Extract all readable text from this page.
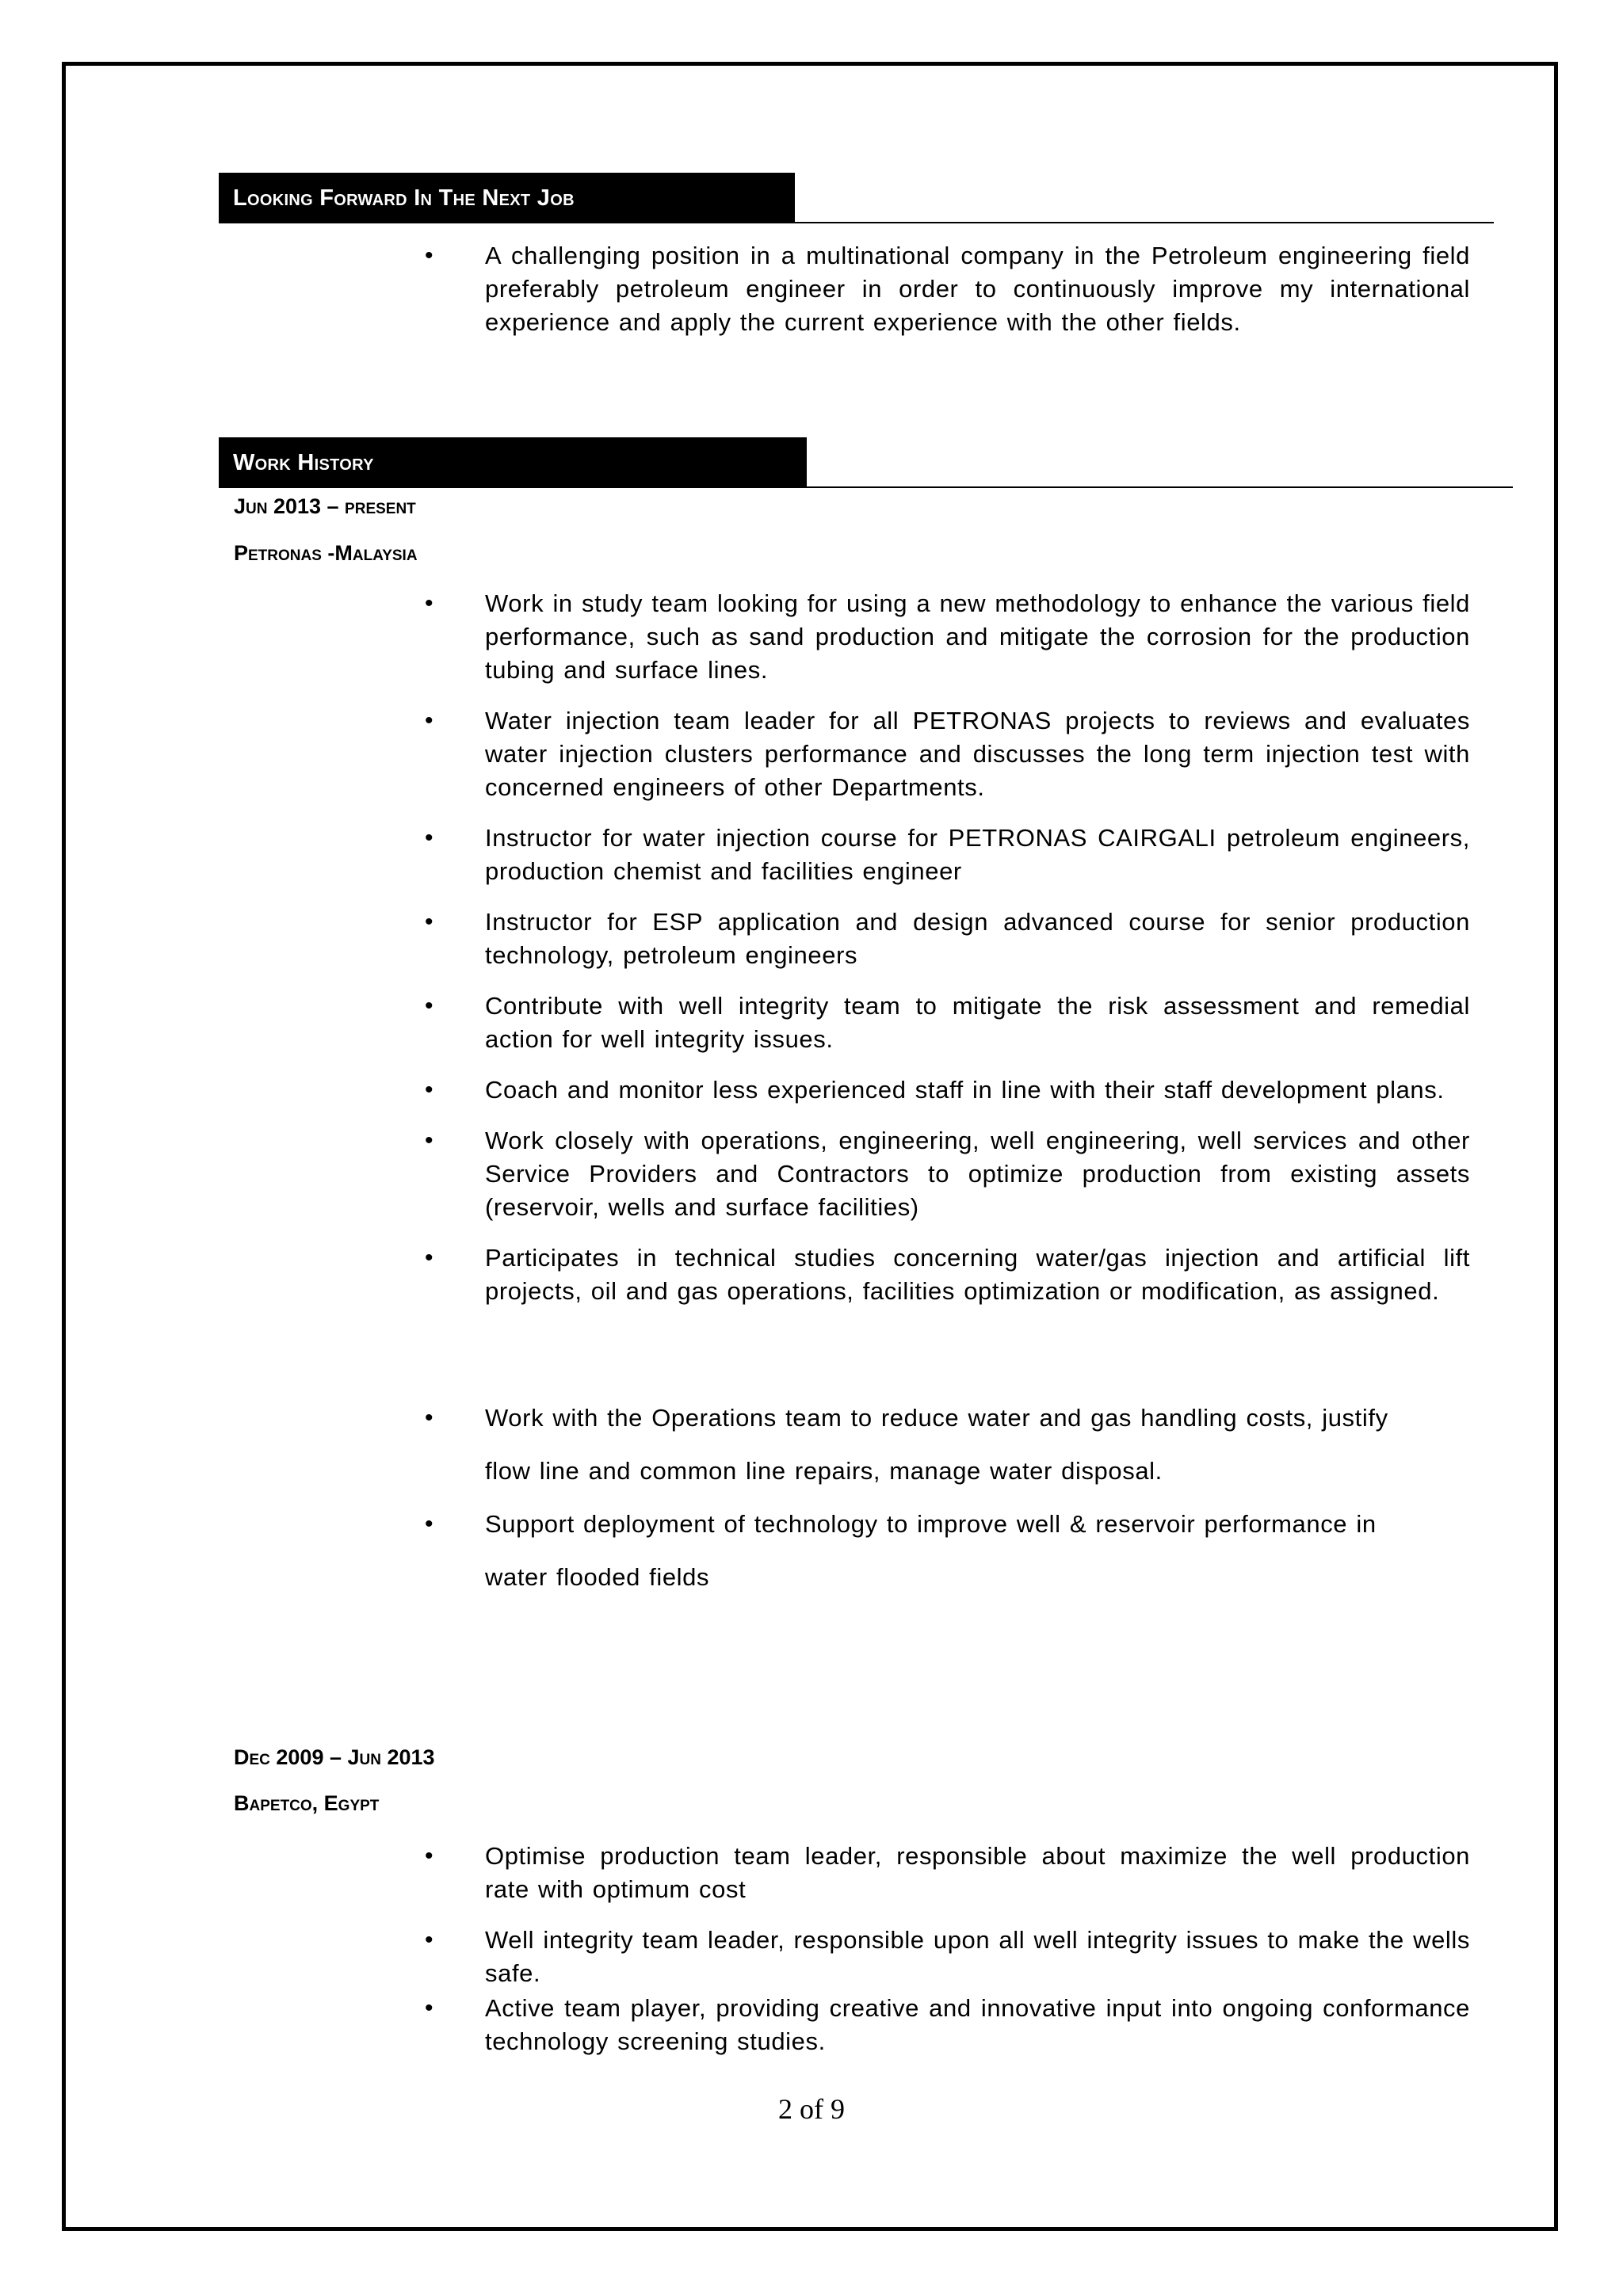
Looking Forward In The Next Job
• A challenging position in a multinational company in the Petroleum engineering field preferably petroleum engineer in order to continuously improve my international experience and apply the current experience with the other fields.
Work History
Jun 2013 – present
Petronas -Malaysia
• Work in study team looking for using a new methodology to enhance the various field performance, such as sand production and mitigate the corrosion for the production tubing and surface lines.
• Water injection team leader for all PETRONAS projects to reviews and evaluates water injection clusters performance and discusses the long term injection test with concerned engineers of other Departments.
• Instructor for water injection course for PETRONAS CAIRGALI petroleum engineers, production chemist and facilities engineer
• Instructor for ESP application and design advanced course for senior production technology, petroleum engineers
• Contribute with well integrity team to mitigate the risk assessment and remedial action for well integrity issues.
• Coach and monitor less experienced staff in line with their staff development plans.
• Work closely with operations, engineering, well engineering, well services and other Service Providers and Contractors to optimize production from existing assets (reservoir, wells and surface facilities)
• Participates in technical studies concerning water/gas injection and artificial lift projects, oil and gas operations, facilities optimization or modification, as assigned.
• Work with the Operations team to reduce water and gas handling costs, justify flow line and common line repairs, manage water disposal.
• Support deployment of technology to improve well & reservoir performance in water flooded fields
Dec 2009 – Jun 2013
Bapetco, Egypt
• Optimise production team leader, responsible about maximize the well production rate with optimum cost
• Well integrity team leader, responsible upon all well integrity issues to make the wells safe.
• Active team player, providing creative and innovative input into ongoing conformance technology screening studies.
2 of 9
